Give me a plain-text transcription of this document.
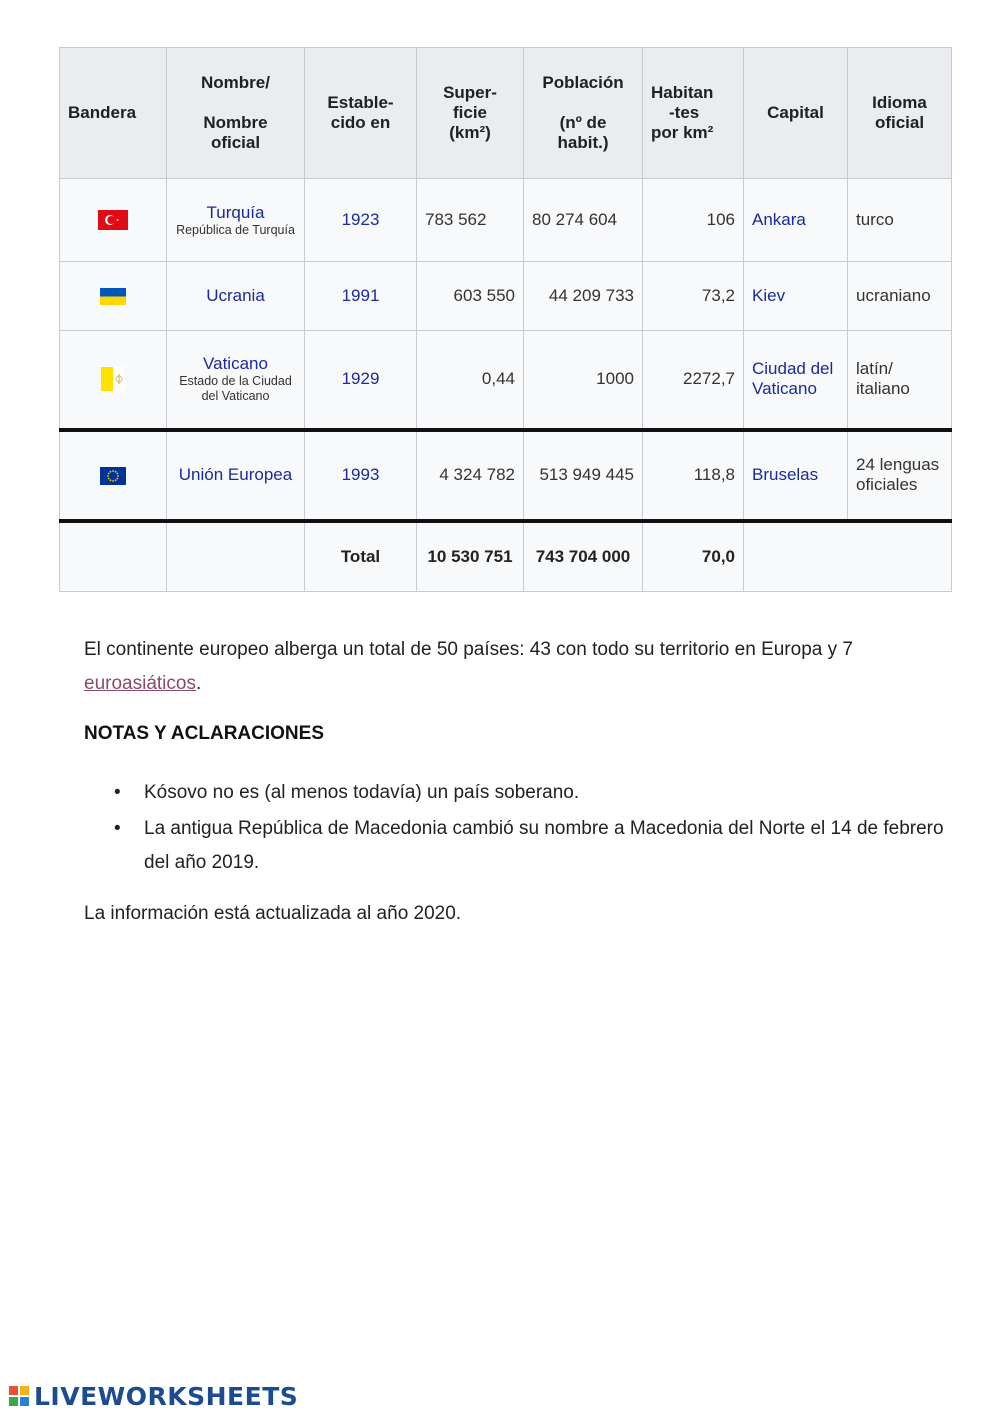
Bandera	Nombre/

Nombre
oficial	Estable-
cido en	Super-
ficie
(km²)	Población

(nº de
habit.)	Habitan
-tes
por km²	Capital	Idioma
oficial
	Turquía
República de Turquía	1923	783 562	80 274 604	106	Ankara	turco
	Ucrania	1991	603 550	44 209 733	73,2	Kiev	ucraniano
	Vaticano
Estado de la Ciudad
del Vaticano	1929	0,44	1000	2272,7	Ciudad del
Vaticano	latín/
italiano
	Unión Europea	1993	4 324 782	513 949 445	118,8	Bruselas	24 lenguas
oficiales
		Total	10 530 751	743 704 000	70,0		

El continente europeo alberga un total de 50 países: 43 con todo su territorio en Europa y 7
euroasiáticos.

NOTAS Y ACLARACIONES
• Kósovo no es (al menos todavía) un país soberano.
• La antigua República de Macedonia cambió su nombre a Macedonia del Norte el 14 de febrero del año 2019.

La información está actualizada al año 2020.

LIVEWORKSHEETS
